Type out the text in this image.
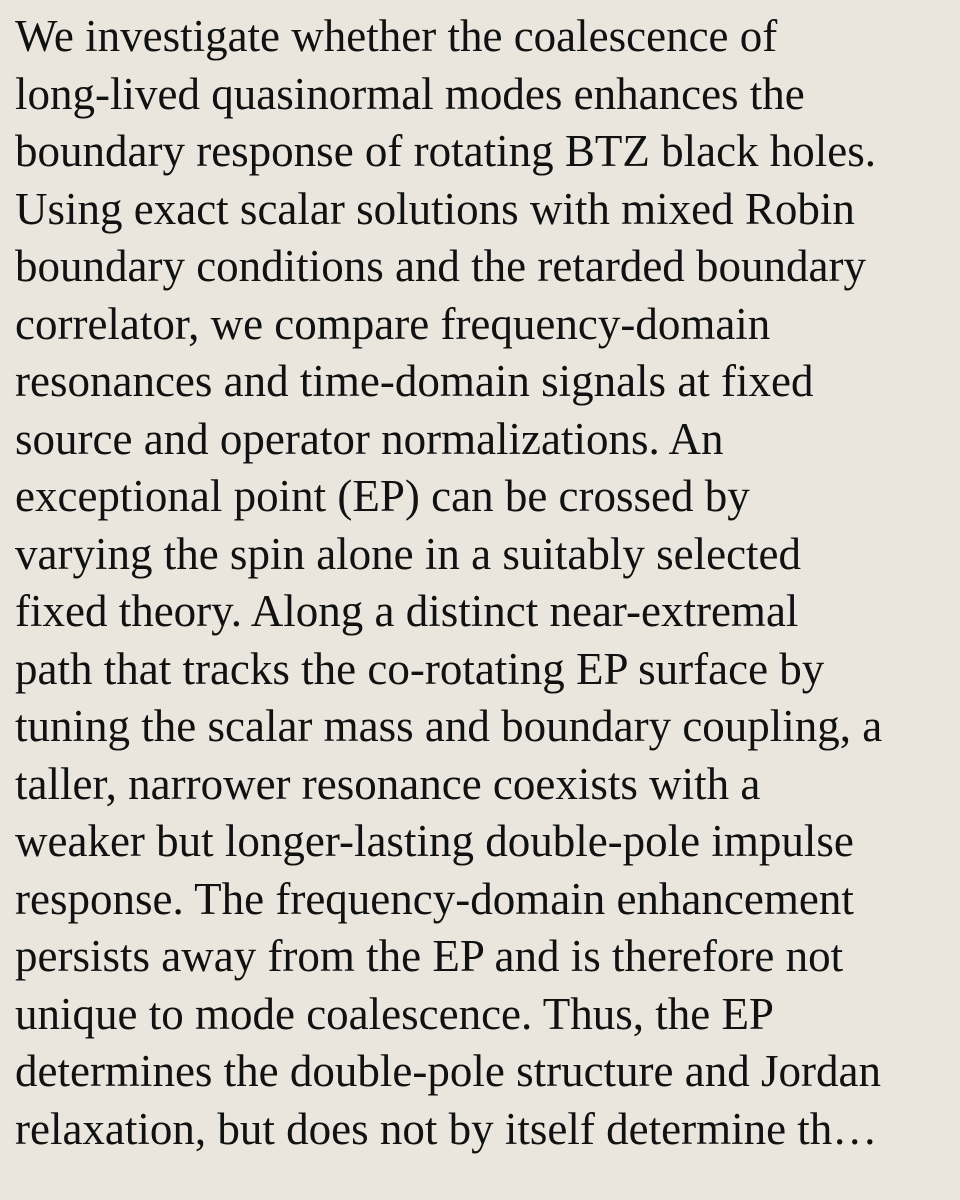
We investigate whether the coalescence of
long-lived quasinormal modes enhances the
boundary response of rotating BTZ black holes.
Using exact scalar solutions with mixed Robin
boundary conditions and the retarded boundary
correlator, we compare frequency-domain
resonances and time-domain signals at fixed
source and operator normalizations. An
exceptional point (EP) can be crossed by
varying the spin alone in a suitably selected
fixed theory. Along a distinct near-extremal
path that tracks the co-rotating EP surface by
tuning the scalar mass and boundary coupling, a
taller, narrower resonance coexists with a
weaker but longer-lasting double-pole impulse
response. The frequency-domain enhancement
persists away from the EP and is therefore not
unique to mode coalescence. Thus, the EP
determines the double-pole structure and Jordan
relaxation, but does not by itself determine th…
